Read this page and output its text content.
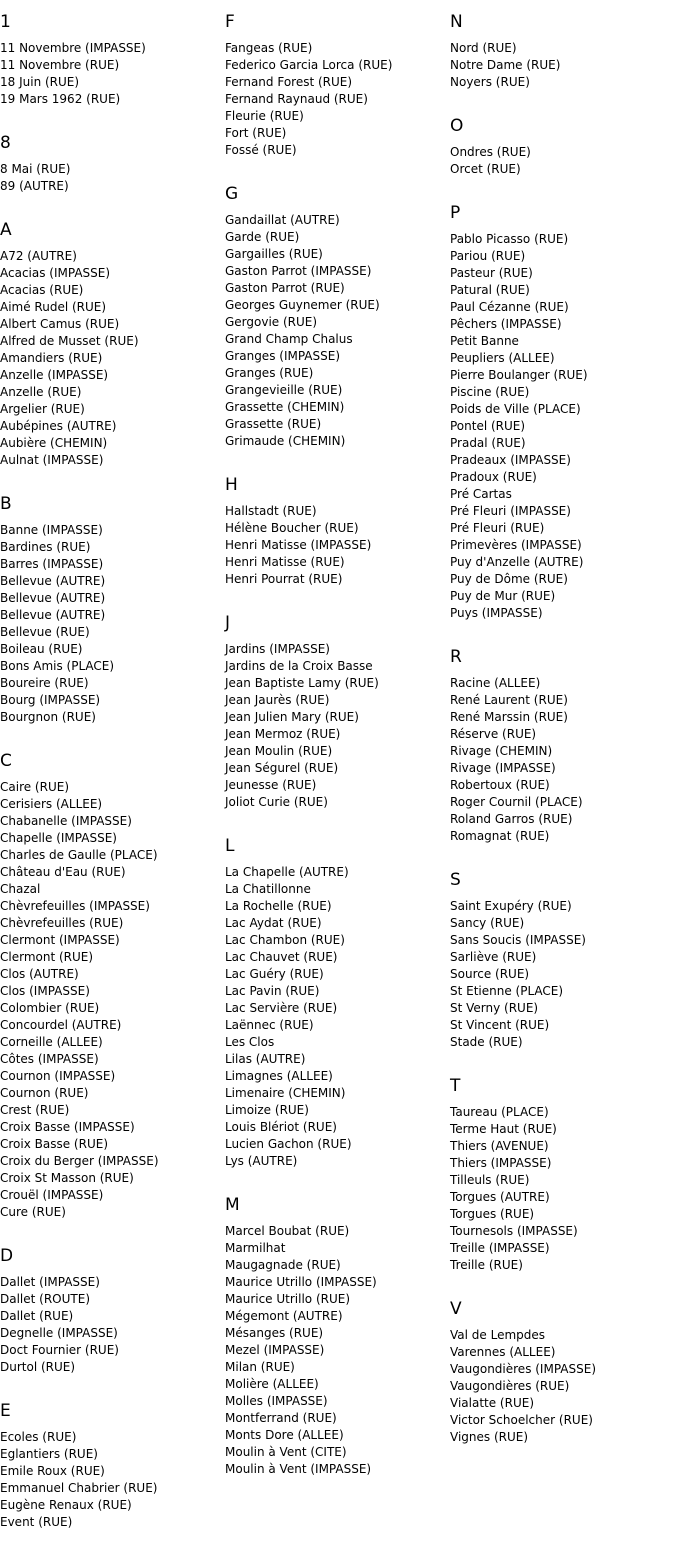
1
11 Novembre (IMPASSE)
11 Novembre (RUE)
18 Juin (RUE)
19 Mars 1962 (RUE)
8
8 Mai (RUE)
89 (AUTRE)
A
A72 (AUTRE)
Acacias (IMPASSE)
Acacias (RUE)
Aimé Rudel (RUE)
Albert Camus (RUE)
Alfred de Musset (RUE)
Amandiers (RUE)
Anzelle (IMPASSE)
Anzelle (RUE)
Argelier (RUE)
Aubépines (AUTRE)
Aubière (CHEMIN)
Aulnat (IMPASSE)
B
Banne (IMPASSE)
Bardines (RUE)
Barres (IMPASSE)
Bellevue (AUTRE)
Bellevue (AUTRE)
Bellevue (AUTRE)
Bellevue (RUE)
Boileau (RUE)
Bons Amis (PLACE)
Boureire (RUE)
Bourg (IMPASSE)
Bourgnon (RUE)
C
Caire (RUE)
Cerisiers (ALLEE)
Chabanelle (IMPASSE)
Chapelle (IMPASSE)
Charles de Gaulle (PLACE)
Château d'Eau (RUE)
Chazal
Chèvrefeuilles (IMPASSE)
Chèvrefeuilles (RUE)
Clermont (IMPASSE)
Clermont (RUE)
Clos (AUTRE)
Clos (IMPASSE)
Colombier (RUE)
Concourdel (AUTRE)
Corneille (ALLEE)
Côtes (IMPASSE)
Cournon (IMPASSE)
Cournon (RUE)
Crest (RUE)
Croix Basse (IMPASSE)
Croix Basse (RUE)
Croix du Berger (IMPASSE)
Croix St Masson (RUE)
Crouël (IMPASSE)
Cure (RUE)
D
Dallet (IMPASSE)
Dallet (ROUTE)
Dallet (RUE)
Degnelle (IMPASSE)
Doct Fournier (RUE)
Durtol (RUE)
E
Ecoles (RUE)
Eglantiers (RUE)
Emile Roux (RUE)
Emmanuel Chabrier (RUE)
Eugène Renaux (RUE)
Event (RUE)
F
Fangeas (RUE)
Federico Garcia Lorca (RUE)
Fernand Forest (RUE)
Fernand Raynaud (RUE)
Fleurie (RUE)
Fort (RUE)
Fossé (RUE)
G
Gandaillat (AUTRE)
Garde (RUE)
Gargailles (RUE)
Gaston Parrot (IMPASSE)
Gaston Parrot (RUE)
Georges Guynemer (RUE)
Gergovie (RUE)
Grand Champ Chalus
Granges (IMPASSE)
Granges (RUE)
Grangevieille (RUE)
Grassette (CHEMIN)
Grassette (RUE)
Grimaude (CHEMIN)
H
Hallstadt (RUE)
Hélène Boucher (RUE)
Henri Matisse (IMPASSE)
Henri Matisse (RUE)
Henri Pourrat (RUE)
J
Jardins (IMPASSE)
Jardins de la Croix Basse
Jean Baptiste Lamy (RUE)
Jean Jaurès (RUE)
Jean Julien Mary (RUE)
Jean Mermoz (RUE)
Jean Moulin (RUE)
Jean Ségurel (RUE)
Jeunesse (RUE)
Joliot Curie (RUE)
L
La Chapelle (AUTRE)
La Chatillonne
La Rochelle (RUE)
Lac Aydat (RUE)
Lac Chambon (RUE)
Lac Chauvet (RUE)
Lac Guéry (RUE)
Lac Pavin (RUE)
Lac Servière (RUE)
Laënnec (RUE)
Les Clos
Lilas (AUTRE)
Limagnes (ALLEE)
Limenaire (CHEMIN)
Limoize (RUE)
Louis Blériot (RUE)
Lucien Gachon (RUE)
Lys (AUTRE)
M
Marcel Boubat (RUE)
Marmilhat
Maugagnade (RUE)
Maurice Utrillo (IMPASSE)
Maurice Utrillo (RUE)
Mégemont (AUTRE)
Mésanges (RUE)
Mezel (IMPASSE)
Milan (RUE)
Molière (ALLEE)
Molles (IMPASSE)
Montferrand (RUE)
Monts Dore (ALLEE)
Moulin à Vent (CITE)
Moulin à Vent (IMPASSE)
N
Nord (RUE)
Notre Dame (RUE)
Noyers (RUE)
O
Ondres (RUE)
Orcet (RUE)
P
Pablo Picasso (RUE)
Pariou (RUE)
Pasteur (RUE)
Patural (RUE)
Paul Cézanne (RUE)
Pêchers (IMPASSE)
Petit Banne
Peupliers (ALLEE)
Pierre Boulanger (RUE)
Piscine (RUE)
Poids de Ville (PLACE)
Pontel (RUE)
Pradal (RUE)
Pradeaux (IMPASSE)
Pradoux (RUE)
Pré Cartas
Pré Fleuri (IMPASSE)
Pré Fleuri (RUE)
Primevères (IMPASSE)
Puy d'Anzelle (AUTRE)
Puy de Dôme (RUE)
Puy de Mur (RUE)
Puys (IMPASSE)
R
Racine (ALLEE)
René Laurent (RUE)
René Marssin (RUE)
Réserve (RUE)
Rivage (CHEMIN)
Rivage (IMPASSE)
Robertoux (RUE)
Roger Cournil (PLACE)
Roland Garros (RUE)
Romagnat (RUE)
S
Saint Exupéry (RUE)
Sancy (RUE)
Sans Soucis (IMPASSE)
Sarliève (RUE)
Source (RUE)
St Etienne (PLACE)
St Verny (RUE)
St Vincent (RUE)
Stade (RUE)
T
Taureau (PLACE)
Terme Haut (RUE)
Thiers (AVENUE)
Thiers (IMPASSE)
Tilleuls (RUE)
Torgues (AUTRE)
Torgues (RUE)
Tournesols (IMPASSE)
Treille (IMPASSE)
Treille (RUE)
V
Val de Lempdes
Varennes (ALLEE)
Vaugondières (IMPASSE)
Vaugondières (RUE)
Vialatte (RUE)
Victor Schoelcher (RUE)
Vignes (RUE)
